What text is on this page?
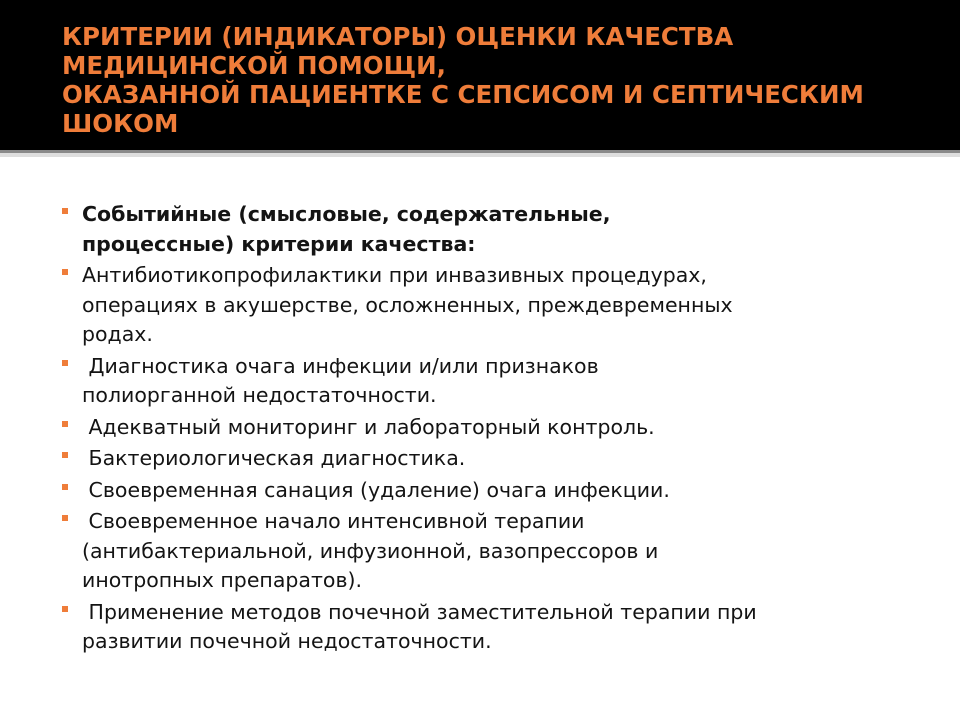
КРИТЕРИИ (ИНДИКАТОРЫ) ОЦЕНКИ КАЧЕСТВА
МЕДИЦИНСКОЙ ПОМОЩИ,
ОКАЗАННОЙ ПАЦИЕНТКЕ С СЕПСИСОМ И СЕПТИЧЕСКИМ
ШОКОМ
Событийные (смысловые, содержательные,
процессные) критерии качества:
Антибиотикопрофилактики при инвазивных процедурах,
операциях в акушерстве, осложненных, преждевременных
родах.
Диагностика очага инфекции и/или признаков
полиорганной недостаточности.
Адекватный мониторинг и лабораторный контроль.
Бактериологическая диагностика.
Своевременная санация (удаление) очага инфекции.
Своевременное начало интенсивной терапии
(антибактериальной, инфузионной, вазопрессоров и
инотропных препаратов).
Применение методов почечной заместительной терапии при
развитии почечной недостаточности.
